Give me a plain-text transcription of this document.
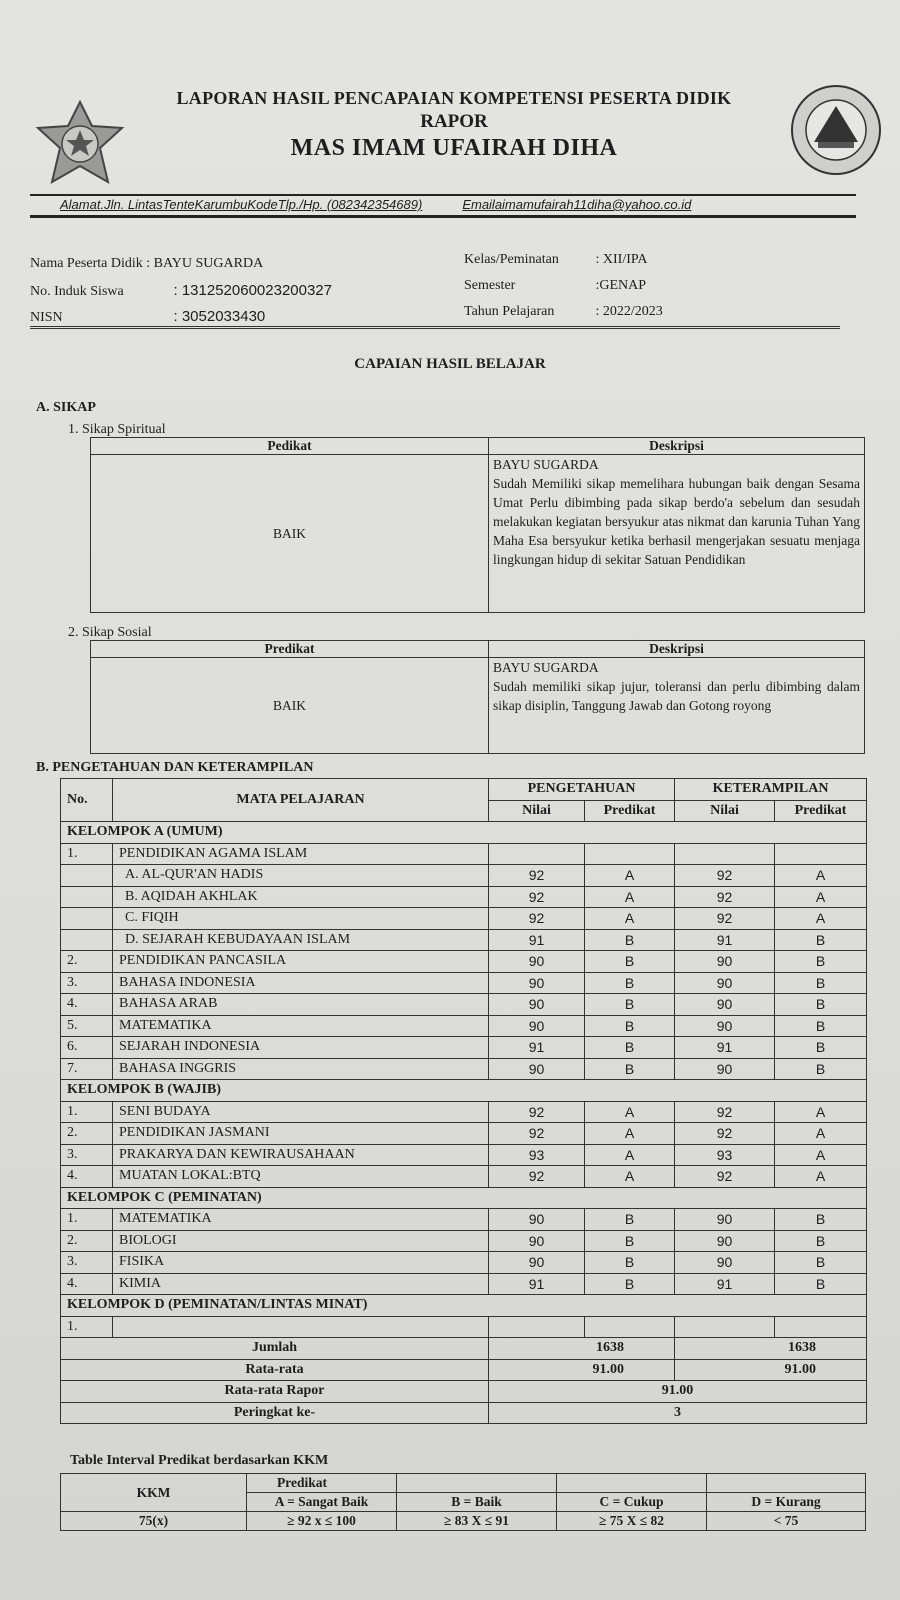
LAPORAN HASIL PENCAPAIAN KOMPETENSI PESERTA DIDIK
RAPOR
MAS IMAM UFAIRAH DIHA
Alamat.Jln. LintasTenteKarumbuKodeTlp./Hp. (082342354689)	Emailaimamufairah11diha@yahoo.co.id
Nama Peserta Didik : BAYU SUGARDA
No. Induk Siswa	: 131252060023200327
NISN	: 3052033430
Kelas/Peminatan	: XII/IPA
Semester	:GENAP
Tahun Pelajaran	: 2022/2023
CAPAIAN HASIL BELAJAR
A. SIKAP
1. Sikap Spiritual
Pedikat	Deskripsi
BAIK	BAYU SUGARDA
Sudah Memiliki sikap memelihara hubungan baik dengan Sesama Umat Perlu dibimbing pada sikap berdo'a sebelum dan sesudah melakukan kegiatan bersyukur atas nikmat dan karunia Tuhan Yang Maha Esa bersyukur ketika berhasil mengerjakan sesuatu menjaga lingkungan hidup di sekitar Satuan Pendidikan
2. Sikap Sosial
Predikat	Deskripsi
BAIK	BAYU SUGARDA
Sudah memiliki sikap jujur, toleransi dan perlu dibimbing dalam sikap disiplin, Tanggung Jawab dan Gotong royong
B. PENGETAHUAN DAN KETERAMPILAN
No.	MATA PELAJARAN	PENGETAHUAN		KETERAMPILAN	
		Nilai	Predikat	Nilai	Predikat
KELOMPOK A (UMUM)					
1.	PENDIDIKAN AGAMA ISLAM				
	A. AL-QUR'AN HADIS	92	A	92	A
	B. AQIDAH AKHLAK	92	A	92	A
	C. FIQIH	92	A	92	A
	D. SEJARAH KEBUDAYAAN ISLAM	91	B	91	B
2.	PENDIDIKAN PANCASILA	90	B	90	B
3.	BAHASA INDONESIA	90	B	90	B
4.	BAHASA ARAB	90	B	90	B
5.	MATEMATIKA	90	B	90	B
6.	SEJARAH INDONESIA	91	B	91	B
7.	BAHASA INGGRIS	90	B	90	B
KELOMPOK B (WAJIB)					
1.	SENI BUDAYA	92	A	92	A
2.	PENDIDIKAN JASMANI	92	A	92	A
3.	PRAKARYA DAN KEWIRAUSAHAAN	93	A	93	A
4.	MUATAN LOKAL:BTQ	92	A	92	A
KELOMPOK C (PEMINATAN)					
1.	MATEMATIKA	90	B	90	B
2.	BIOLOGI	90	B	90	B
3.	FISIKA	90	B	90	B
4.	KIMIA	91	B	91	B
KELOMPOK D (PEMINATAN/LINTAS MINAT)					
1.					
Jumlah		1638		1638	
Rata-rata		91.00		91.00	
Rata-rata Rapor		91.00			
Peringkat ke-		3			
Table Interval Predikat berdasarkan KKM
KKM	Predikat			
	A = Sangat Baik	B = Baik	C = Cukup	D = Kurang
75(x)	≥ 92 x ≤ 100	≥ 83 X ≤ 91	≥ 75 X ≤ 82	< 75
